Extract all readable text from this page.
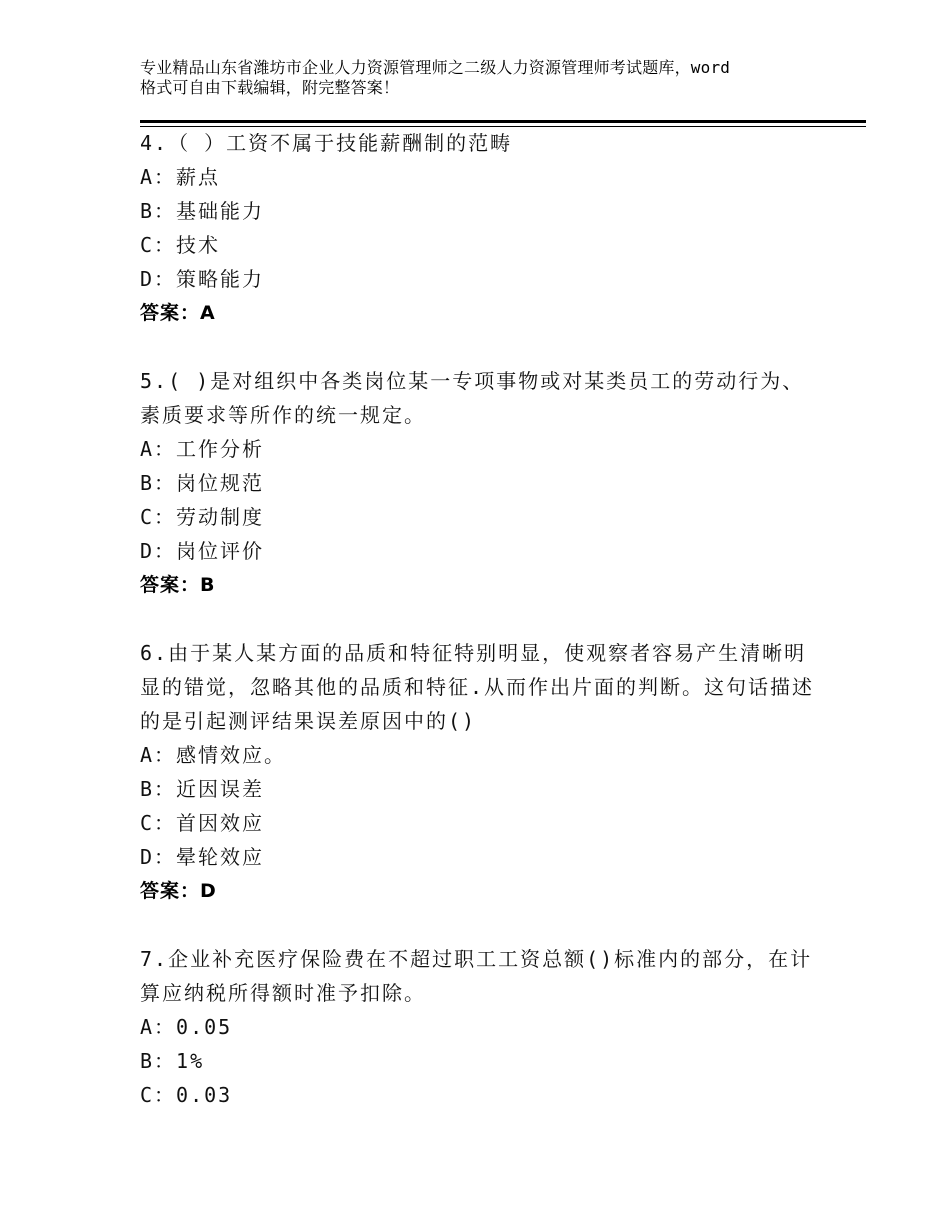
专业精品山东省潍坊市企业人力资源管理师之二级人力资源管理师考试题库，word
格式可自由下载编辑，附完整答案！
4.（ ）工资不属于技能薪酬制的范畴
A：薪点
B：基础能力
C：技术
D：策略能力
答案：A
5.( )是对组织中各类岗位某一专项事物或对某类员工的劳动行为、素质要求等所作的统一规定。
A：工作分析
B：岗位规范
C：劳动制度
D：岗位评价
答案：B
6.由于某人某方面的品质和特征特别明显，使观察者容易产生清晰明显的错觉，忽略其他的品质和特征.从而作出片面的判断。这句话描述的是引起测评结果误差原因中的()
A：感情效应。
B：近因误差
C：首因效应
D：晕轮效应
答案：D
7.企业补充医疗保险费在不超过职工工资总额()标准内的部分，在计算应纳税所得额时准予扣除。
A：0.05
B：1%
C：0.03
